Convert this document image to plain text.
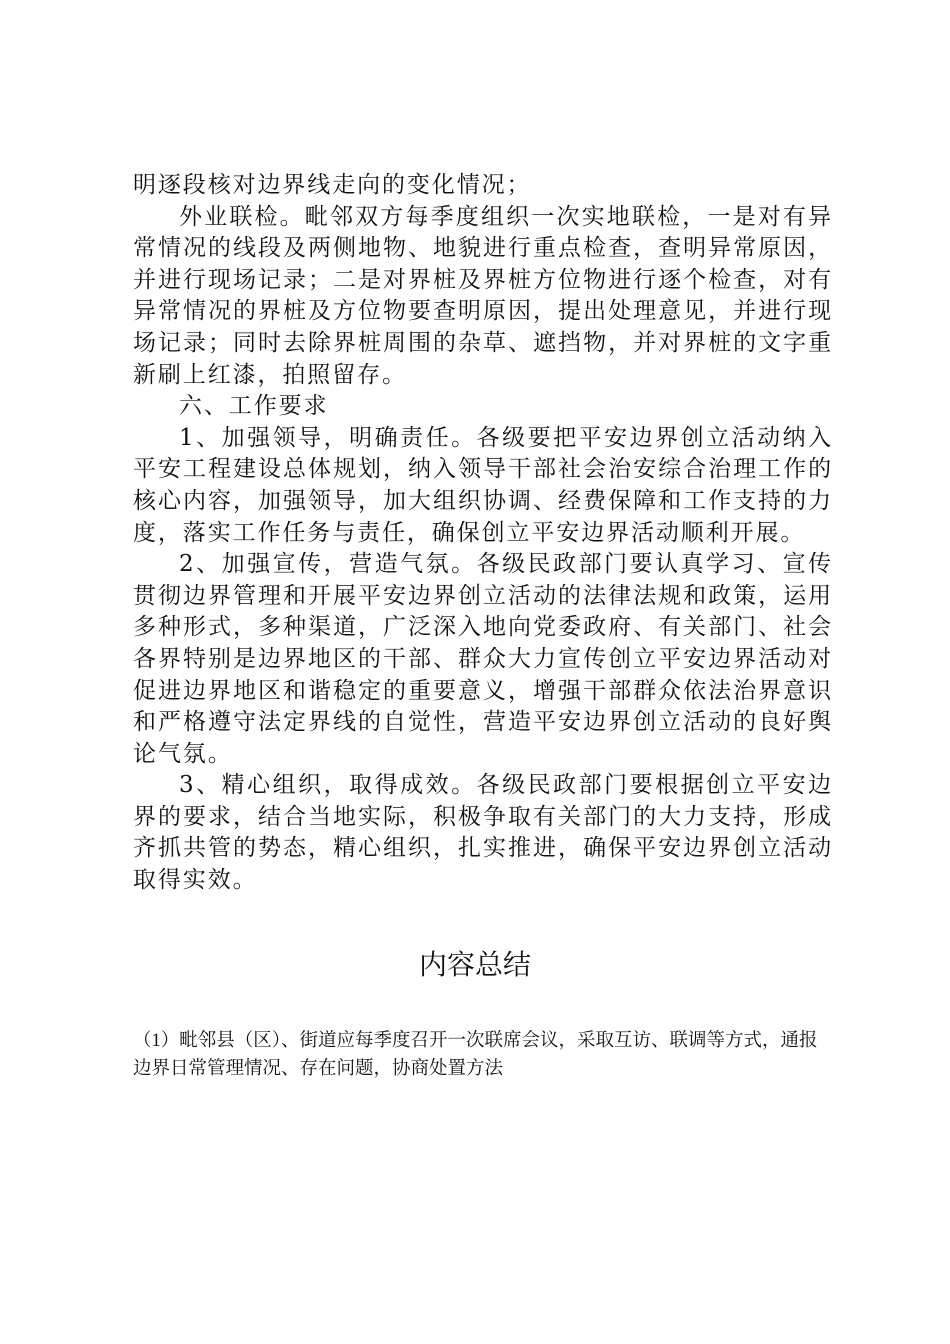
明逐段核对边界线走向的变化情况；

外业联检。毗邻双方每季度组织一次实地联检，一是对有异常情况的线段及两侧地物、地貌进行重点检查，查明异常原因，并进行现场记录；二是对界桩及界桩方位物进行逐个检查，对有异常情况的界桩及方位物要查明原因，提出处理意见，并进行现场记录；同时去除界桩周围的杂草、遮挡物，并对界桩的文字重新刷上红漆，拍照留存。

六、工作要求

1、加强领导，明确责任。各级要把平安边界创立活动纳入平安工程建设总体规划，纳入领导干部社会治安综合治理工作的核心内容，加强领导，加大组织协调、经费保障和工作支持的力度，落实工作任务与责任，确保创立平安边界活动顺利开展。

2、加强宣传，营造气氛。各级民政部门要认真学习、宣传贯彻边界管理和开展平安边界创立活动的法律法规和政策，运用多种形式，多种渠道，广泛深入地向党委政府、有关部门、社会各界特别是边界地区的干部、群众大力宣传创立平安边界活动对促进边界地区和谐稳定的重要意义，增强干部群众依法治界意识和严格遵守法定界线的自觉性，营造平安边界创立活动的良好舆论气氛。

3、精心组织，取得成效。各级民政部门要根据创立平安边界的要求，结合当地实际，积极争取有关部门的大力支持，形成齐抓共管的势态，精心组织，扎实推进，确保平安边界创立活动取得实效。

内容总结

（1）毗邻县（区）、街道应每季度召开一次联席会议，采取互访、联调等方式，通报边界日常管理情况、存在问题，协商处置方法
